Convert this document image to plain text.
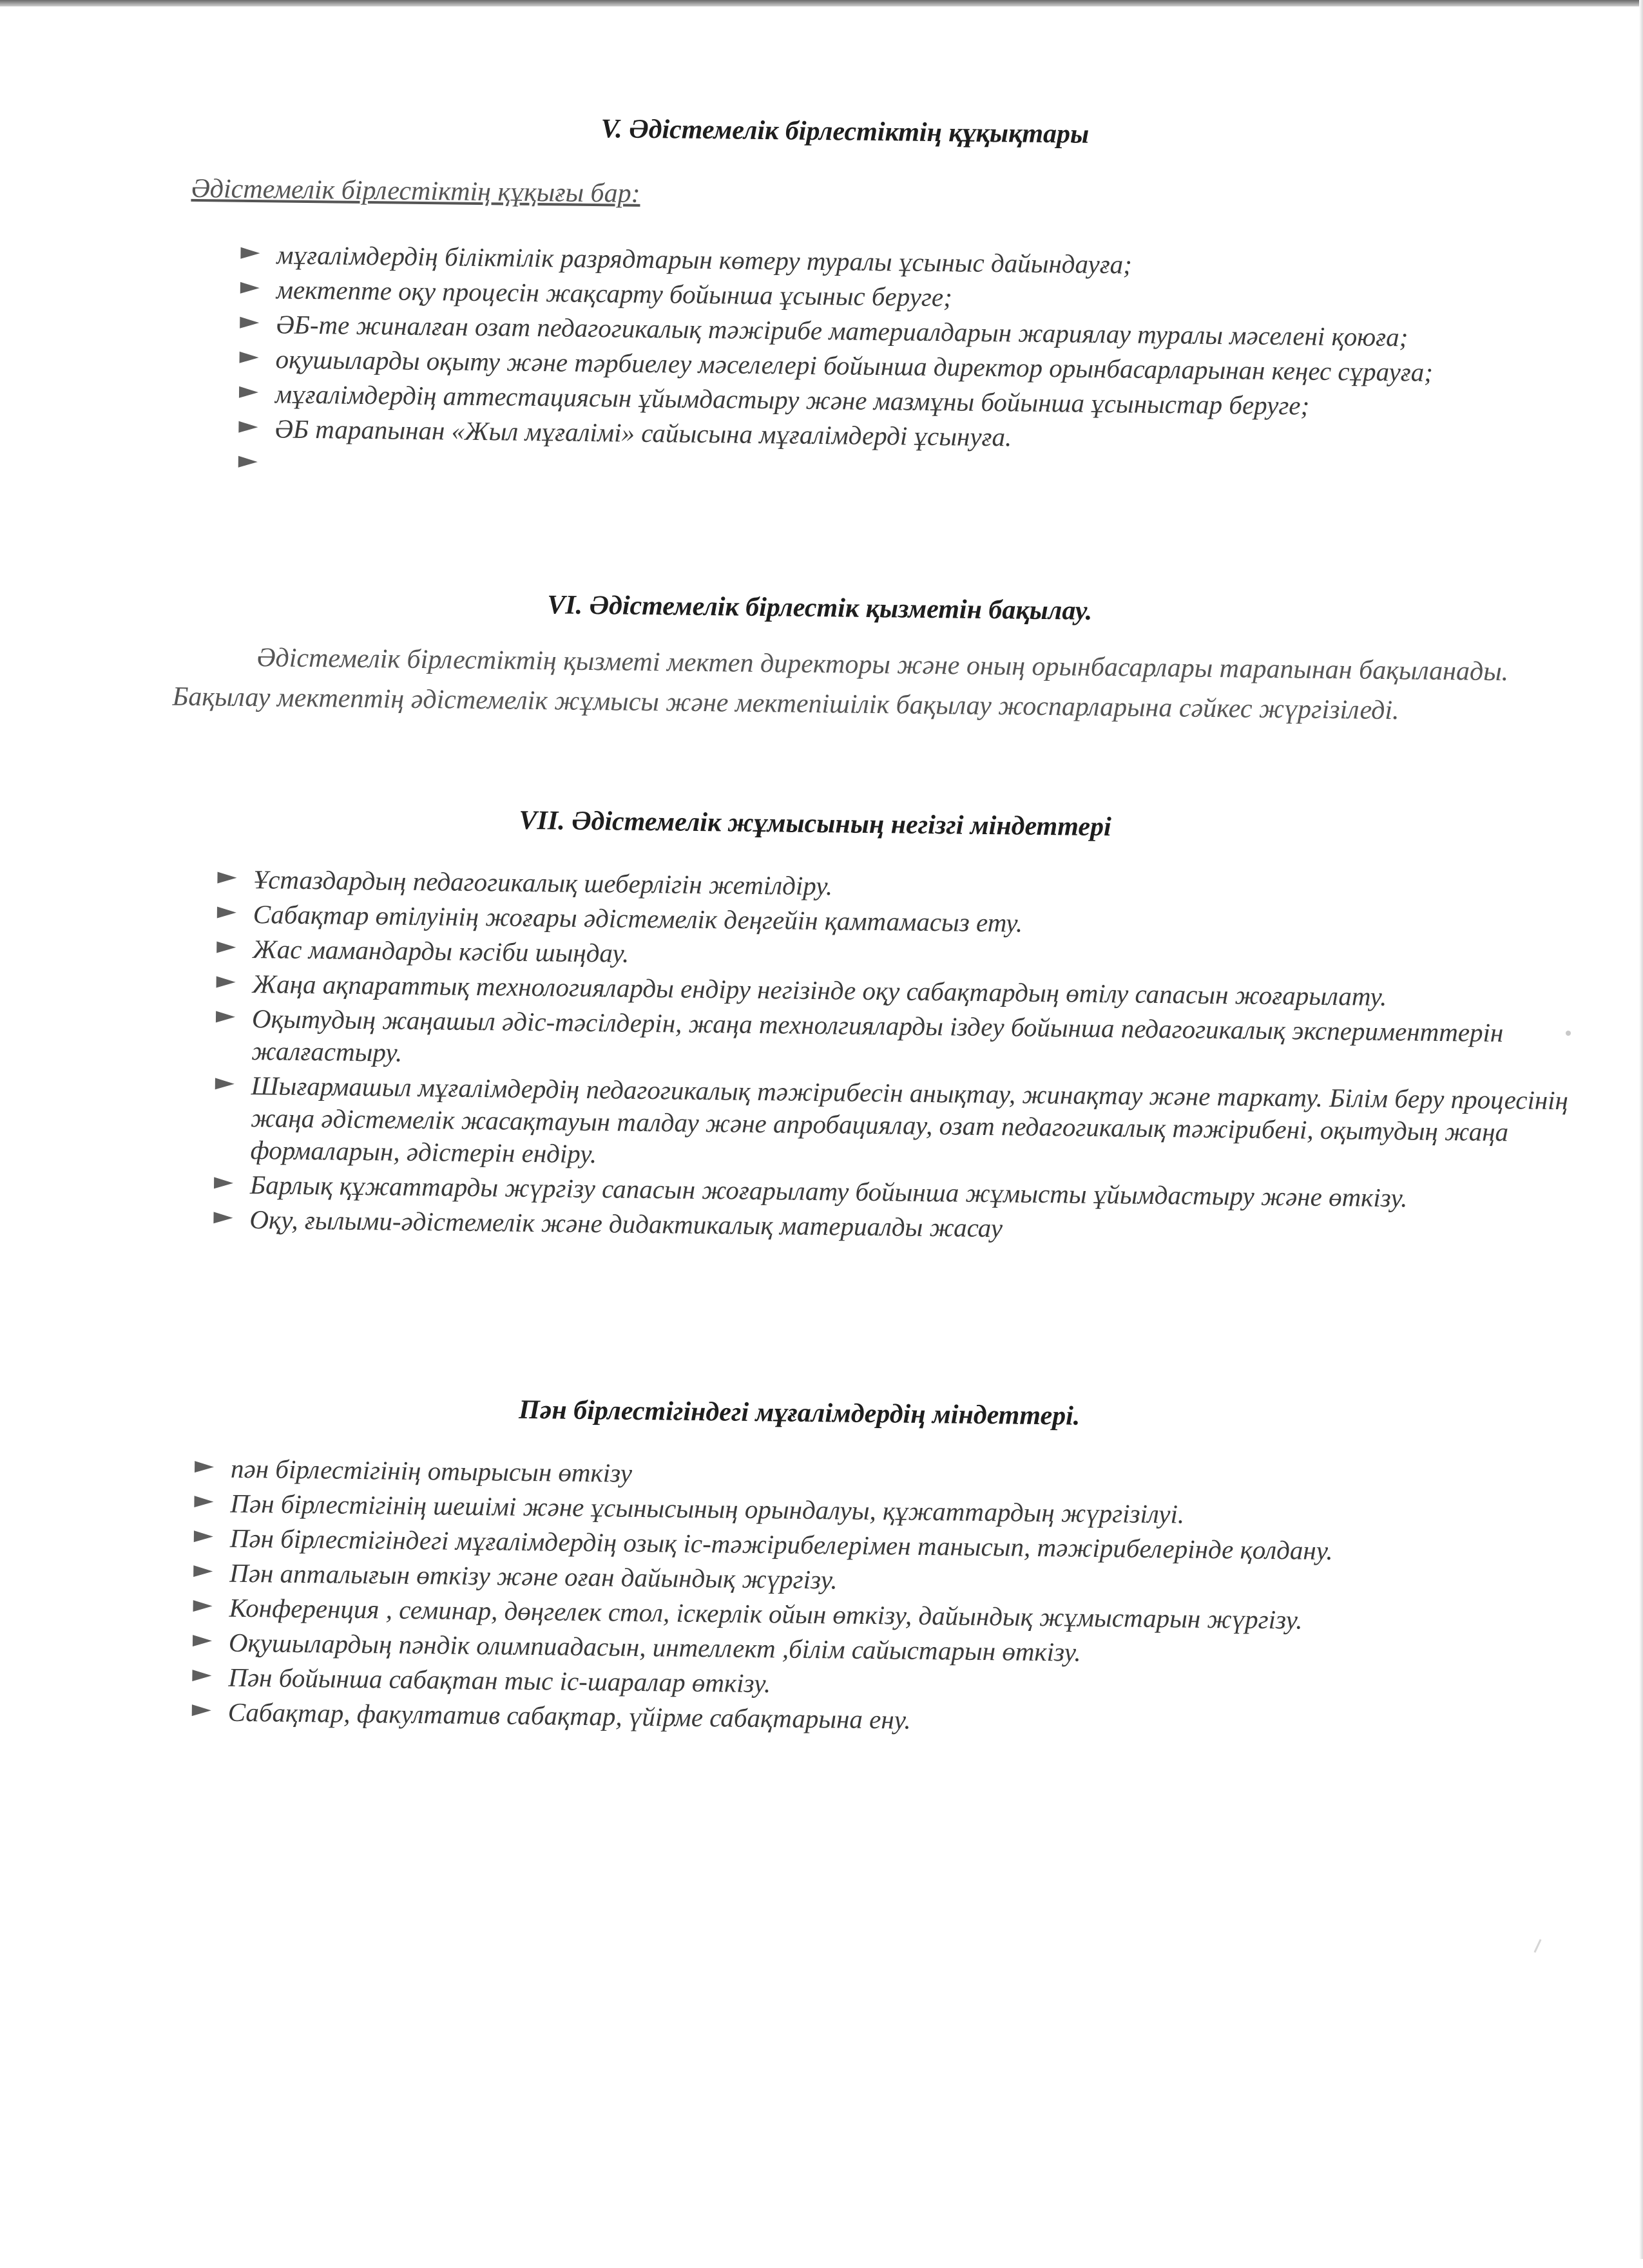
V. Әдістемелік бірлестіктің құқықтары
Әдістемелік бірлестіктің құқығы бар:
мұғалімдердің біліктілік разрядтарын көтеру туралы ұсыныс дайындауға;
мектепте оқу процесін жақсарту бойынша ұсыныс беруге;
ӘБ-те жиналған озат педагогикалық тәжірибе материалдарын жариялау туралы мәселені қоюға;
оқушыларды оқыту және тәрбиелеу мәселелері бойынша директор орынбасарларынан кеңес сұрауға;
мұғалімдердің аттестациясын ұйымдастыру және мазмұны бойынша ұсыныстар беруге;
ӘБ тарапынан «Жыл мұғалімі» сайысына мұғалімдерді ұсынуға.
VI. Әдістемелік бірлестік қызметін бақылау.

Әдістемелік бірлестіктің қызметі мектеп директоры және оның орынбасарлары тарапынан бақыланады. Бақылау мектептің әдістемелік жұмысы және мектепішілік бақылау жоспарларына сәйкес жүргізіледі.

VII. Әдістемелік жұмысының негізгі міндеттері
Ұстаздардың педагогикалық шеберлігін жетілдіру.
Сабақтар өтілуінің жоғары әдістемелік деңгейін қамтамасыз ету.
Жас мамандарды кәсіби шыңдау.
Жаңа ақпараттық технологияларды ендіру негізінде оқу сабақтардың өтілу сапасын жоғарылату.
Оқытудың жаңашыл әдіс-тәсілдерін, жаңа технолгияларды іздеу бойынша педагогикалық эксперименттерін жалғастыру.
Шығармашыл мұғалімдердің педагогикалық тәжірибесін анықтау, жинақтау және таркату. Білім беру процесінің жаңа әдістемелік жасақтауын талдау және апробациялау, озат педагогикалық тәжірибені, оқытудың жаңа формаларын, әдістерін ендіру.
Барлық құжаттарды жүргізу сапасын жоғарылату бойынша жұмысты ұйымдастыру және өткізу.
Оқу, ғылыми-әдістемелік және дидактикалық материалды жасау
Пән бірлестігіндегі мұғалімдердің міндеттері.
пән бірлестігінің отырысын өткізу
Пән бірлестігінің шешімі және ұсынысының орындалуы, құжаттардың жүргізілуі.
Пән бірлестігіндегі мұғалімдердің озық іс-тәжірибелерімен танысып, тәжірибелерінде қолдану.
Пән апталығын өткізу және оған дайындық жүргізу.
Конференция , семинар, дөңгелек стол, іскерлік ойын өткізу, дайындық жұмыстарын жүргізу.
Оқушылардың пәндік олимпиадасын, интеллект ,білім сайыстарын өткізу.
Пән бойынша сабақтан тыс іс-шаралар өткізу.
Сабақтар, факултатив сабақтар, үйірме сабақтарына ену.
